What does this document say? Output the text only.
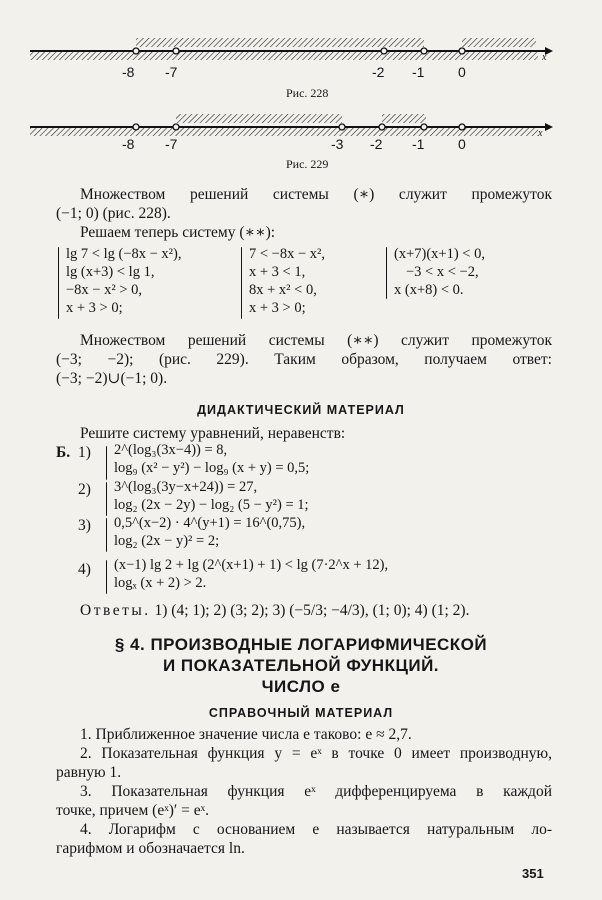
-8 -7	-2 -1 0
x
Рис. 228
-8 -7	-3 -2 -1 0
x
Рис. 229
Множеством решений системы (∗) служит промежуток
(−1; 0) (рис. 228).
Решаем теперь систему (∗∗):
lg 7 < lg (−8x − x²),
lg (x+3) < lg 1,
−8x − x² > 0,
x + 3 > 0;
7 < −8x − x²,
x + 3 < 1,
8x + x² < 0,
x + 3 > 0;
(x+7)(x+1) < 0,
−3 < x < −2,
x (x+8) < 0.
Множеством решений системы (∗∗) служит промежуток
(−3; −2); (рис. 229). Таким образом, получаем ответ:
(−3; −2)∪(−1; 0).
ДИДАКТИЧЕСКИЙ МАТЕРИАЛ
Решите систему уравнений, неравенств:
Б. 1) 2^(log₃(3x−4)) = 8,
log₉ (x² − y²) − log₉ (x + y) = 0,5;
2) 3^(log₃(3y−x+24)) = 27,
log₂ (2x − 2y) − log₂ (5 − y²) = 1;
3) 0,5^(x−2) · 4^(y+1) = 16^(0,75),
log₂ (2x − y)² = 2;
4) (x−1) lg 2 + lg (2^(x+1) + 1) < lg (7·2^x + 12),
logₓ (x + 2) > 2.
Ответы. 1) (4; 1); 2) (3; 2); 3) (−5/3; −4/3), (1; 0); 4) (1; 2).
§ 4. ПРОИЗВОДНЫЕ ЛОГАРИФМИЧЕСКОЙ
И ПОКАЗАТЕЛЬНОЙ ФУНКЦИЙ.
ЧИСЛО e
СПРАВОЧНЫЙ МАТЕРИАЛ
1. Приближенное значение числа e таково: e ≈ 2,7.
2. Показательная функция y = eˣ в точке 0 имеет производную,
равную 1.
3. Показательная функция eˣ дифференцируема в каждой
точке, причем (eˣ)′ = eˣ.
4. Логарифм с основанием e называется натуральным ло-
гарифмом и обозначается ln.
351
